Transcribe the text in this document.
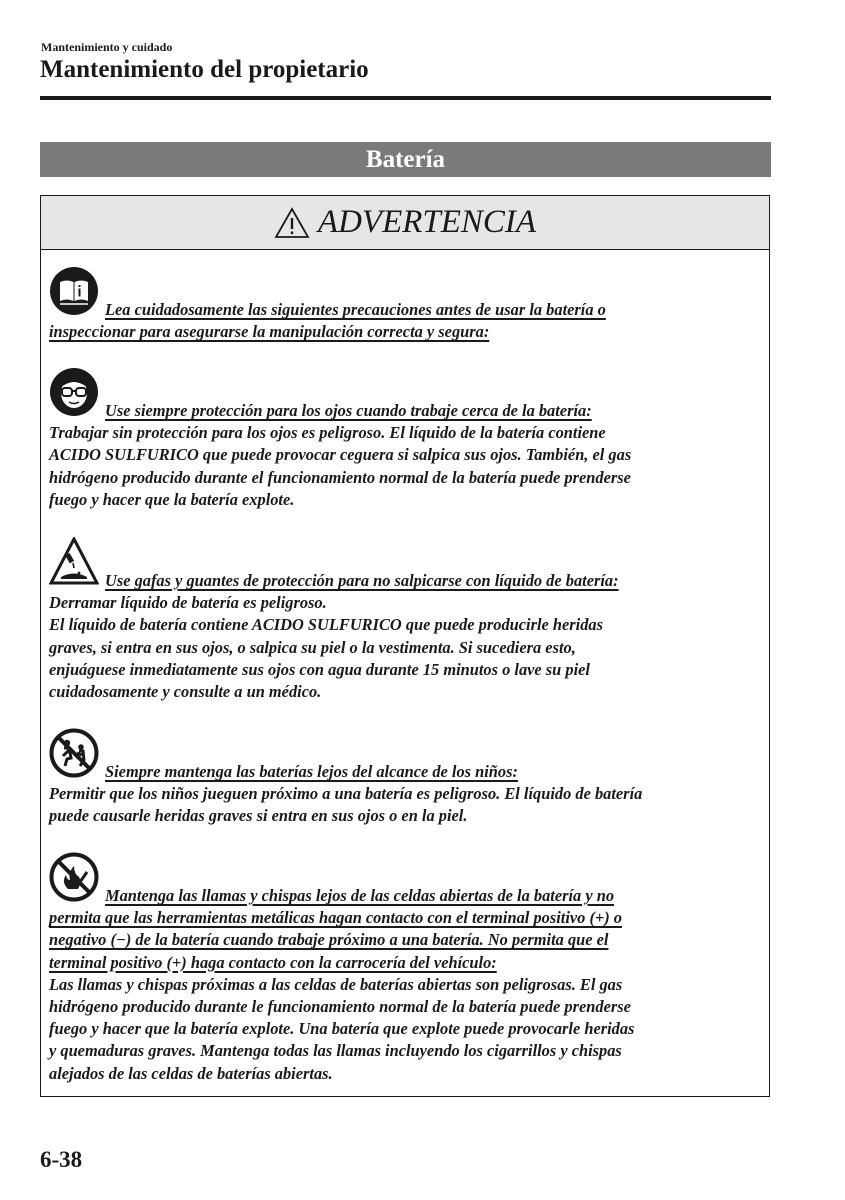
Mantenimiento y cuidado
Mantenimiento del propietario
Batería
ADVERTENCIA
Lea cuidadosamente las siguientes precauciones antes de usar la batería o
inspeccionar para asegurarse la manipulación correcta y segura:
Use siempre protección para los ojos cuando trabaje cerca de la batería:
Trabajar sin protección para los ojos es peligroso. El líquido de la batería contiene
ACIDO SULFURICO que puede provocar ceguera si salpica sus ojos. También, el gas
hidrógeno producido durante el funcionamiento normal de la batería puede prenderse
fuego y hacer que la batería explote.
Use gafas y guantes de protección para no salpicarse con líquido de batería:
Derramar líquido de batería es peligroso.
El líquido de batería contiene ACIDO SULFURICO que puede producirle heridas
graves, si entra en sus ojos, o salpica su piel o la vestimenta. Si sucediera esto,
enjuáguese inmediatamente sus ojos con agua durante 15 minutos o lave su piel
cuidadosamente y consulte a un médico.
Siempre mantenga las baterías lejos del alcance de los niños:
Permitir que los niños jueguen próximo a una batería es peligroso. El líquido de batería
puede causarle heridas graves si entra en sus ojos o en la piel.
Mantenga las llamas y chispas lejos de las celdas abiertas de la batería y no
permita que las herramientas metálicas hagan contacto con el terminal positivo (+) o
negativo (−) de la batería cuando trabaje próximo a una batería. No permita que el
terminal positivo (+) haga contacto con la carrocería del vehículo:
Las llamas y chispas próximas a las celdas de baterías abiertas son peligrosas. El gas
hidrógeno producido durante le funcionamiento normal de la batería puede prenderse
fuego y hacer que la batería explote. Una batería que explote puede provocarle heridas
y quemaduras graves. Mantenga todas las llamas incluyendo los cigarrillos y chispas
alejados de las celdas de baterías abiertas.
6-38
